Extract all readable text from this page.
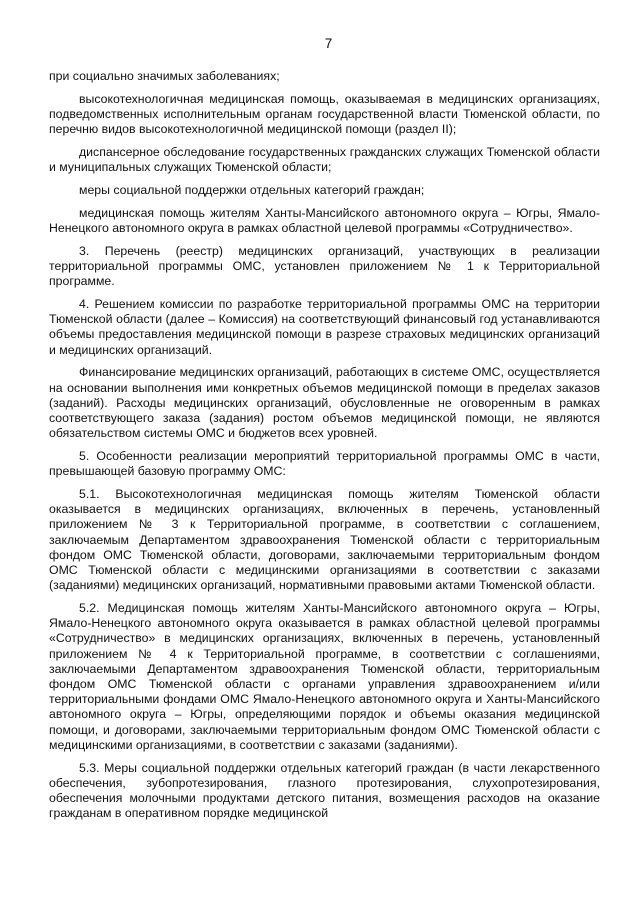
7

при социально значимых заболеваниях;

высокотехнологичная медицинская помощь, оказываемая в медицинских организациях, подведомственных исполнительным органам государственной власти Тюменской области, по перечню видов высокотехнологичной медицинской помощи (раздел II);

диспансерное обследование государственных гражданских служащих Тюменской области и муниципальных служащих Тюменской области;

меры социальной поддержки отдельных категорий граждан;

медицинская помощь жителям Ханты-Мансийского автономного округа – Югры, Ямало-Ненецкого автономного округа в рамках областной целевой программы «Сотрудничество».

3. Перечень (реестр) медицинских организаций, участвующих в реализации территориальной программы ОМС, установлен приложением № 1 к Территориальной программе.

4. Решением комиссии по разработке территориальной программы ОМС на территории Тюменской области (далее – Комиссия) на соответствующий финансовый год устанавливаются объемы предоставления медицинской помощи в разрезе страховых медицинских организаций и медицинских организаций.

Финансирование медицинских организаций, работающих в системе ОМС, осуществляется на основании выполнения ими конкретных объемов медицинской помощи в пределах заказов (заданий). Расходы медицинских организаций, обусловленные не оговоренным в рамках соответствующего заказа (задания) ростом объемов медицинской помощи, не являются обязательством системы ОМС и бюджетов всех уровней.

5. Особенности реализации мероприятий территориальной программы ОМС в части, превышающей базовую программу ОМС:

5.1. Высокотехнологичная медицинская помощь жителям Тюменской области оказывается в медицинских организациях, включенных в перечень, установленный приложением № 3 к Территориальной программе, в соответствии с соглашением, заключаемым Департаментом здравоохранения Тюменской области с территориальным фондом ОМС Тюменской области, договорами, заключаемыми территориальным фондом ОМС Тюменской области с медицинскими организациями в соответствии с заказами (заданиями) медицинских организаций, нормативными правовыми актами Тюменской области.

5.2. Медицинская помощь жителям Ханты-Мансийского автономного округа – Югры, Ямало-Ненецкого автономного округа оказывается в рамках областной целевой программы «Сотрудничество» в медицинских организациях, включенных в перечень, установленный приложением № 4 к Территориальной программе, в соответствии с соглашениями, заключаемыми Департаментом здравоохранения Тюменской области, территориальным фондом ОМС Тюменской области с органами управления здравоохранением и/или территориальными фондами ОМС Ямало-Ненецкого автономного округа и Ханты-Мансийского автономного округа – Югры, определяющими порядок и объемы оказания медицинской помощи, и договорами, заключаемыми территориальным фондом ОМС Тюменской области с медицинскими организациями, в соответствии с заказами (заданиями).

5.3. Меры социальной поддержки отдельных категорий граждан (в части лекарственного обеспечения, зубопротезирования, глазного протезирования, слухопротезирования, обеспечения молочными продуктами детского питания, возмещения расходов на оказание гражданам в оперативном порядке медицинской
